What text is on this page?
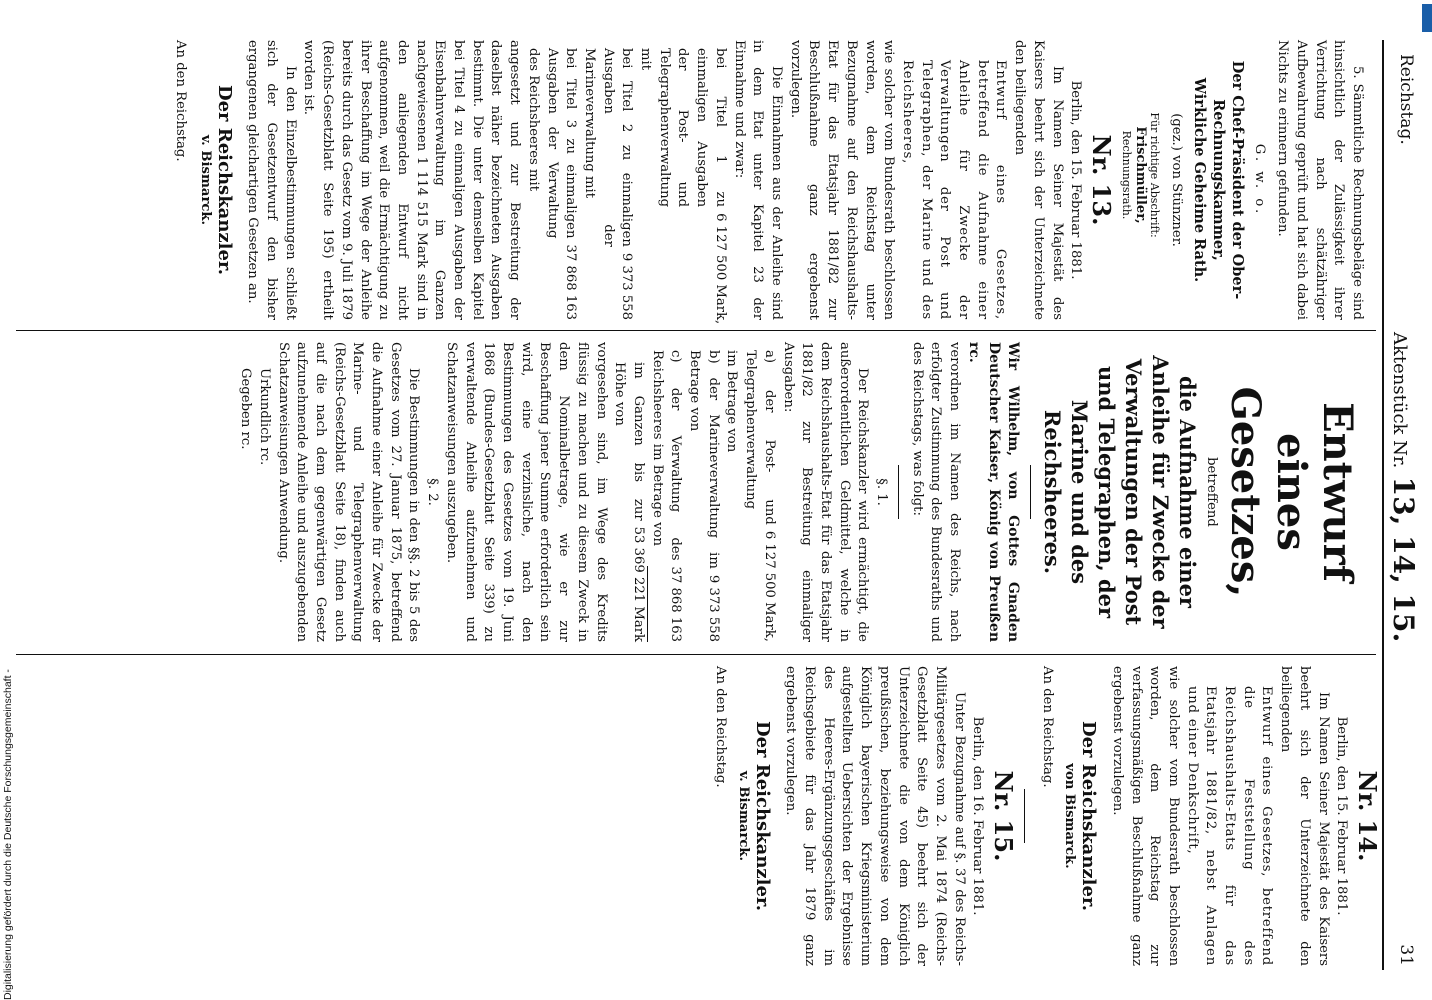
Reichstag.
Aktenstück Nr. 13, 14, 15.
31

5. Sämmtliche Rechnungsbeläge sind hinsichtlich der Zulässigkeit ihrer Verrichtung nach schätzähriger Aufbewahrung geprüft und hat sich dabei Nichts zu erinnern gefunden.

G. w. o.

Der Chef-Präsident der Ober-Rechnungskammer,

Wirkliche Geheime Rath.

(gez.) von Stünzner.

Für richtige Abschrift:
Frischmüller,
Rechnungsrath.
Nr. 13.

Berlin, den 15. Februar 1881.

Im Namen Seiner Majestät des Kaisers beehrt sich der Unterzeichnete den beiliegenden

Entwurf eines Gesetzes, betreffend die Aufnahme einer Anleihe für Zwecke der Verwaltungen der Post und Telegraphen, der Marine und des Reichsheeres,

wie solcher vom Bundesrath beschlossen worden, dem Reichstag unter Bezugnahme auf den Reichshaushalts-Etat für das Etatsjahr 1881/82 zur Beschlußnahme ganz ergebenst vorzulegen.

Die Einnahmen aus der Anleihe sind in dem Etat unter Kapitel 23 der Einnahme und zwar:

bei Titel 1 zu einmaligen Ausgaben der Post- und Telegraphenverwaltung mit
6 127 500 Mark,
bei Titel 2 zu einmaligen Ausgaben der Marineverwaltung mit
9 373 558
bei Titel 3 zu einmaligen Ausgaben der Verwaltung des Reichsheeres mit
37 868 163

angesetzt und zur Bestreitung der daselbst näher bezeichneten Ausgaben bestimmt. Die unter demselben Kapitel bei Titel 4 zu einmaligen Ausgaben der Eisenbahnverwaltung im Ganzen nachgewiesenen 1 114 515 Mark sind in den anliegenden Entwurf nicht aufgenommen, weil die Ermächtigung zu ihrer Beschaffung im Wege der Anleihe bereits durch das Gesetz vom 9. Juli 1879 (Reichs-Gesetzblatt Seite 195) ertheilt worden ist.

In den Einzelbestimmungen schließt sich der Gesetzentwurf den bisher ergangenen gleichartigen Gesetzen an.

Der Reichskanzler.
v. Bismarck.

An den Reichstag.

Entwurf eines Gesetzes,

betreffend

die Aufnahme einer Anleihe für Zwecke der Verwaltungen der Post und Telegraphen, der Marine und des Reichsheeres.

Wir Wilhelm, von Gottes Gnaden Deutscher Kaiser, König von Preußen rc.

verordnen im Namen des Reichs, nach erfolgter Zustimmung des Bundesraths und des Reichstags, was folgt:

§. 1.

Der Reichskanzler wird ermächtigt, die außerordentlichen Geldmittel, welche in dem Reichshaushalts-Etat für das Etatsjahr 1881/82 zur Bestreitung einmaliger Ausgaben:

a) der Post- und Telegraphenverwaltung im Betrage von
6 127 500 Mark,
b) der Marineverwaltung im Betrage von
9 373 558
c) der Verwaltung des Reichsheeres im Betrage von
37 868 163
im Ganzen bis zur Höhe von
53 369 221 Mark

vorgesehen sind, im Wege des Kredits flüssig zu machen und zu diesem Zweck in dem Nominalbetrage, wie er zur Beschaffung jener Summe erforderlich sein wird, eine verzinsliche, nach den Bestimmungen des Gesetzes vom 19. Juni 1868 (Bundes-Gesetzblatt Seite 339) zu verwaltende Anleihe aufzunehmen und Schatzanweisungen auszugeben.

§. 2.

Die Bestimmungen in den §§. 2 bis 5 des Gesetzes vom 27. Januar 1875, betreffend die Aufnahme einer Anleihe für Zwecke der Marine- und Telegraphenverwaltung (Reichs-Gesetzblatt Seite 18), finden auch auf die nach dem gegenwärtigen Gesetz aufzunehmende Anleihe und auszugebenden Schatzanweisungen Anwendung.

Urkundlich rc.

Gegeben rc.

Nr. 14.

Berlin, den 15. Februar 1881.

Im Namen Seiner Majestät des Kaisers beehrt sich der Unterzeichnete den beiliegenden

Entwurf eines Gesetzes, betreffend die Feststellung des Reichshaushalts-Etats für das Etatsjahr 1881/82, nebst Anlagen und einer Denkschrift,

wie solcher vom Bundesrath beschlossen worden, dem Reichstag zur verfassungsmäßigen Beschlußnahme ganz ergebenst vorzulegen.

Der Reichskanzler.
von Bismarck.

An den Reichstag.

Nr. 15.

Berlin, den 16. Februar 1881.

Unter Bezugnahme auf §. 37 des Reichs-Militärgesetzes vom 2. Mai 1874 (Reichs-Gesetzblatt Seite 45) beehrt sich der Unterzeichnete die von dem Königlich preußischen, beziehungsweise von dem Königlich bayerischen Kriegsministerium aufgestellten Uebersichten der Ergebnisse des Heeres-Ergänzungsgeschäftes im Reichsgebiete für das Jahr 1879 ganz ergebenst vorzulegen.

Der Reichskanzler.
v. Bismarck.

An den Reichstag.

Digitalisierung gefördert durch die Deutsche Forschungsgemeinschaft -
